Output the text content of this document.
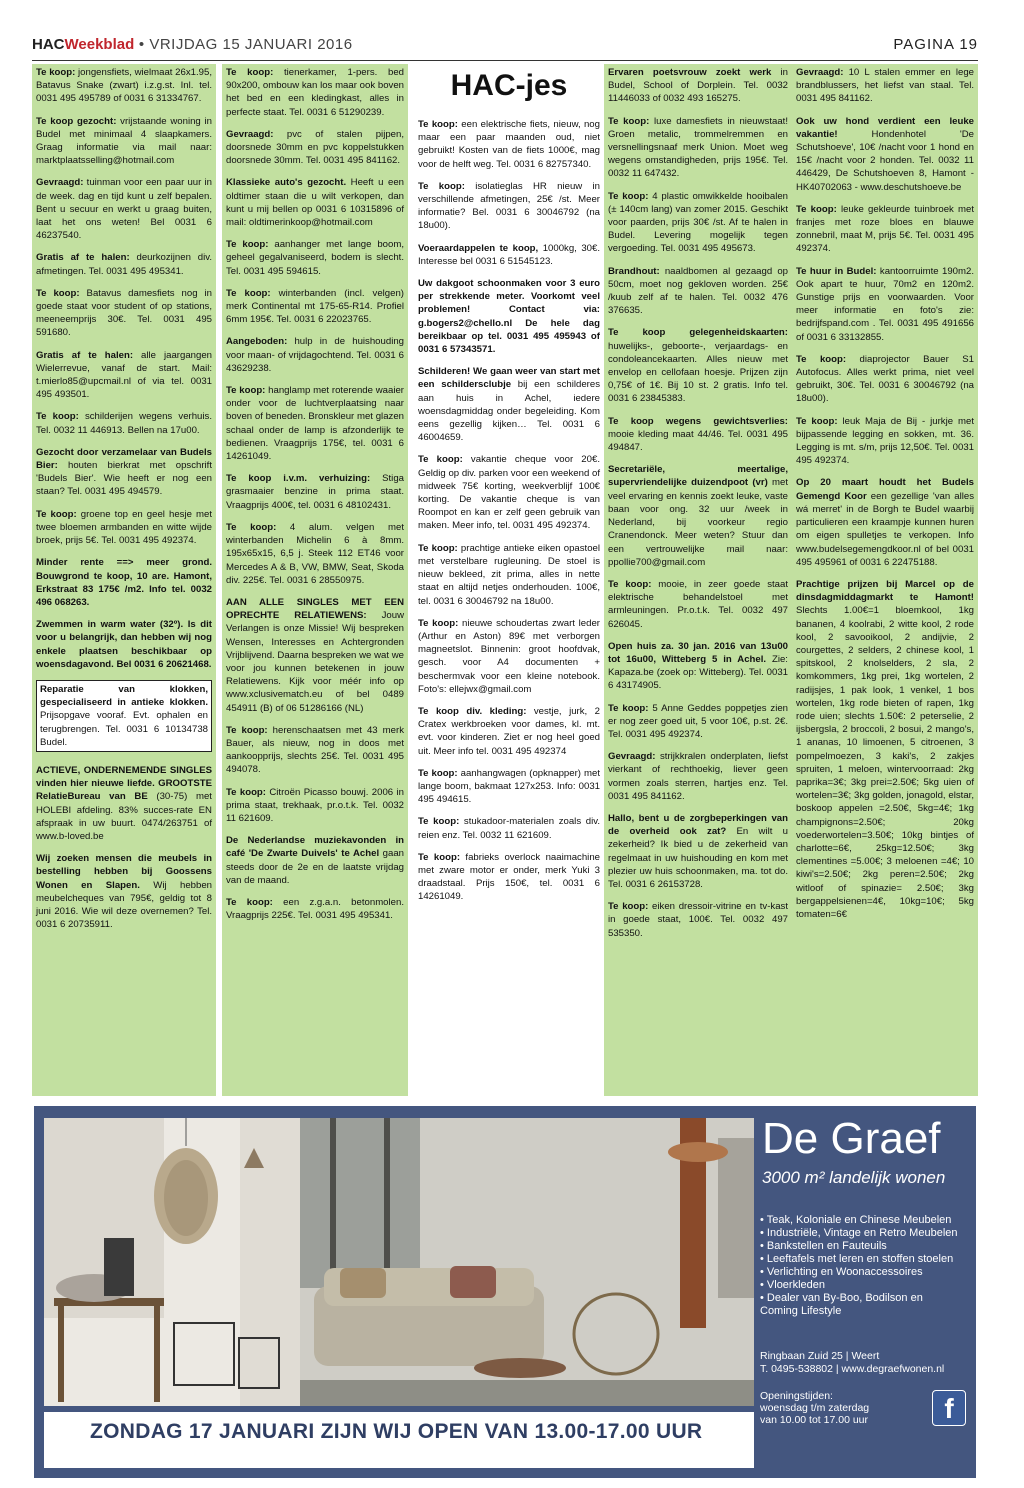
HACWeekblad • VRIJDAG 15 JANUARI 2016	PAGINA 19

Te koop: jongensfiets, wielmaat 26x1.95, Batavus Snake (zwart) i.z.g.st. Inl. tel. 0031 495 495789 of 0031 6 31334767.

Te koop gezocht: vrijstaande woning in Budel met minimaal 4 slaapkamers. Graag informatie via mail naar: marktplaatsselling@hotmail.com

Gevraagd: tuinman voor een paar uur in de week. dag en tijd kunt u zelf bepalen. Bent u secuur en werkt u graag buiten, laat het ons weten! Bel 0031 6 46237540.

Gratis af te halen: deurkozijnen div. afmetingen. Tel. 0031 495 495341.

Te koop: Batavus damesfiets nog in goede staat voor student of op stations, meeneemprijs 30€. Tel. 0031 495 591680.

Gratis af te halen: alle jaargangen Wielerrevue, vanaf de start. Mail: t.mierlo85@upcmail.nl of via tel. 0031 495 493501.

Te koop: schilderijen wegens verhuis. Tel. 0032 11 446913. Bellen na 17u00.

Gezocht door verzamelaar van Budels Bier: houten bierkrat met opschrift 'Budels Bier'. Wie heeft er nog een staan? Tel. 0031 495 494579.

Te koop: groene top en geel hesje met twee bloemen armbanden en witte wijde broek, prijs 5€. Tel. 0031 495 492374.

Minder rente ==> meer grond. Bouwgrond te koop, 10 are. Hamont, Erkstraat 83 175€ /m2. Info tel. 0032 496 068263.

Zwemmen in warm water (32º). Is dit voor u belangrijk, dan hebben wij nog enkele plaatsen beschikbaar op woensdagavond. Bel 0031 6 20621468.

Reparatie van klokken, gespecialiseerd in antieke klokken. Prijsopgave vooraf. Evt. ophalen en terugbrengen. Tel. 0031 6 10134738 Budel.

ACTIEVE, ONDERNEMENDE SINGLES vinden hier nieuwe liefde. GROOTSTE RelatieBureau van BE (30-75) met HOLEBI afdeling. 83% succes-rate EN afspraak in uw buurt. 0474/263751 of www.b-loved.be

Wij zoeken mensen die meubels in bestelling hebben bij Goossens Wonen en Slapen. Wij hebben meubelcheques van 795€, geldig tot 8 juni 2016. Wie wil deze overnemen? Tel. 0031 6 20735911.

Te koop: tienerkamer, 1-pers. bed 90x200, ombouw kan los maar ook boven het bed en een kledingkast, alles in perfecte staat. Tel. 0031 6 51290239.

Gevraagd: pvc of stalen pijpen, doorsnede 30mm en pvc koppelstukken doorsnede 30mm. Tel. 0031 495 841162.

Klassieke auto's gezocht. Heeft u een oldtimer staan die u wilt verkopen, dan kunt u mij bellen op 0031 6 10315896 of mail: oldtimerinkoop@hotmail.com

Te koop: aanhanger met lange boom, geheel gegalvaniseerd, bodem is slecht. Tel. 0031 495 594615.

Te koop: winterbanden (incl. velgen) merk Continental mt 175-65-R14. Profiel 6mm 195€. Tel. 0031 6 22023765.

Aangeboden: hulp in de huishouding voor maan- of vrijdagochtend. Tel. 0031 6 43629238.

Te koop: hanglamp met roterende waaier onder voor de luchtverplaatsing naar boven of beneden. Bronskleur met glazen schaal onder de lamp is afzonderlijk te bedienen. Vraagprijs 175€, tel. 0031 6 14261049.

Te koop i.v.m. verhuizing: Stiga grasmaaier benzine in prima staat. Vraagprijs 400€, tel. 0031 6 48102431.

Te koop: 4 alum. velgen met winterbanden Michelin 6 à 8mm. 195x65x15, 6,5 j. Steek 112 ET46 voor Mercedes A & B, VW, BMW, Seat, Skoda div. 225€. Tel. 0031 6 28550975.

AAN ALLE SINGLES MET EEN OPRECHTE RELATIEWENS: Jouw Verlangen is onze Missie! Wij bespreken Wensen, Interesses en Achtergronden Vrijblijvend. Daarna bespreken we wat we voor jou kunnen betekenen in jouw Relatiewens. Kijk voor méér info op www.xclusivematch.eu of bel 0489 454911 (B) of 06 51286166 (NL)

Te koop: herenschaatsen met 43 merk Bauer, als nieuw, nog in doos met aankoopprijs, slechts 25€. Tel. 0031 495 494078.

Te koop: Citroën Picasso bouwj. 2006 in prima staat, trekhaak, pr.o.t.k. Tel. 0032 11 621609.

De Nederlandse muziekavonden in café 'De Zwarte Duivels' te Achel gaan steeds door de 2e en de laatste vrijdag van de maand.

Te koop: een z.g.a.n. betonmolen. Vraagprijs 225€. Tel. 0031 495 495341.

HAC-jes

Te koop: een elektrische fiets, nieuw, nog maar een paar maanden oud, niet gebruikt! Kosten van de fiets 1000€, mag voor de helft weg. Tel. 0031 6 82757340.

Te koop: isolatieglas HR nieuw in verschillende afmetingen, 25€ /st. Meer informatie? Bel. 0031 6 30046792 (na 18u00).

Voeraardappelen te koop, 1000kg, 30€. Interesse bel 0031 6 51545123.

Uw dakgoot schoonmaken voor 3 euro per strekkende meter. Voorkomt veel problemen! Contact via: g.bogers2@chello.nl De hele dag bereikbaar op tel. 0031 495 495943 of 0031 6 57343571.

Schilderen! We gaan weer van start met een schildersclubje bij een schilderes aan huis in Achel, iedere woensdagmiddag onder begeleiding. Kom eens gezellig kijken… Tel. 0031 6 46004659.

Te koop: vakantie cheque voor 20€. Geldig op div. parken voor een weekend of midweek 75€ korting, weekverblijf 100€ korting. De vakantie cheque is van Roompot en kan er zelf geen gebruik van maken. Meer info, tel. 0031 495 492374.

Te koop: prachtige antieke eiken opastoel met verstelbare rugleuning. De stoel is nieuw bekleed, zit prima, alles in nette staat en altijd netjes onderhouden. 100€, tel. 0031 6 30046792 na 18u00.

Te koop: nieuwe schoudertas zwart leder (Arthur en Aston) 89€ met verborgen magneetslot. Binnenin: groot hoofdvak, gesch. voor A4 documenten + beschermvak voor een kleine notebook. Foto's: ellejwx@gmail.com

Te koop div. kleding: vestje, jurk, 2 Cratex werkbroeken voor dames, kl. mt. evt. voor kinderen. Ziet er nog heel goed uit. Meer info tel. 0031 495 492374

Te koop: aanhangwagen (opknapper) met lange boom, bakmaat 127x253. Info: 0031 495 494615.

Te koop: stukadoor-materialen zoals div. reien enz. Tel. 0032 11 621609.

Te koop: fabrieks overlock naaimachine met zware motor er onder, merk Yuki 3 draadstaal. Prijs 150€, tel. 0031 6 14261049.

Ervaren poetsvrouw zoekt werk in Budel, School of Dorplein. Tel. 0032 11446033 of 0032 493 165275.

Te koop: luxe damesfiets in nieuwstaat! Groen metalic, trommelremmen en versnellingsnaaf merk Union. Moet weg wegens omstandigheden, prijs 195€. Tel. 0032 11 647432.

Te koop: 4 plastic omwikkelde hooibalen (± 140cm lang) van zomer 2015. Geschikt voor paarden, prijs 30€ /st. Af te halen in Budel. Levering mogelijk tegen vergoeding. Tel. 0031 495 495673.

Brandhout: naaldbomen al gezaagd op 50cm, moet nog gekloven worden. 25€ /kuub zelf af te halen. Tel. 0032 476 376635.

Te koop gelegenheidskaarten: huwelijks-, geboorte-, verjaardags- en condoleancekaarten. Alles nieuw met envelop en cellofaan hoesje. Prijzen zijn 0,75€ of 1€. Bij 10 st. 2 gratis. Info tel. 0031 6 23845383.

Te koop wegens gewichtsverlies: mooie kleding maat 44/46. Tel. 0031 495 494847.

Secretariële, meertalige, supervriendelijke duizendpoot (vr) met veel ervaring en kennis zoekt leuke, vaste baan voor ong. 32 uur /week in Nederland, bij voorkeur regio Cranendonck. Meer weten? Stuur dan een vertrouwelijke mail naar: ppollie700@gmail.com

Te koop: mooie, in zeer goede staat elektrische behandelstoel met armleuningen. Pr.o.t.k. Tel. 0032 497 626045.

Open huis za. 30 jan. 2016 van 13u00 tot 16u00, Witteberg 5 in Achel. Zie: Kapaza.be (zoek op: Witteberg). Tel. 0031 6 43174905.

Te koop: 5 Anne Geddes poppetjes zien er nog zeer goed uit, 5 voor 10€, p.st. 2€. Tel. 0031 495 492374.

Gevraagd: strijkkralen onderplaten, liefst vierkant of rechthoekig, liever geen vormen zoals sterren, hartjes enz. Tel. 0031 495 841162.

Hallo, bent u de zorgbeperkingen van de overheid ook zat? En wilt u zekerheid? Ik bied u de zekerheid van regelmaat in uw huishouding en kom met plezier uw huis schoonmaken, ma. tot do. Tel. 0031 6 26153728.

Te koop: eiken dressoir-vitrine en tv-kast in goede staat, 100€. Tel. 0032 497 535350.

Gevraagd: 10 L stalen emmer en lege brandblussers, het liefst van staal. Tel. 0031 495 841162.

Ook uw hond verdient een leuke vakantie! Hondenhotel 'De Schutshoeve', 10€ /nacht voor 1 hond en 15€ /nacht voor 2 honden. Tel. 0032 11 446429, De Schutshoeven 8, Hamont - HK40702063 - www.deschutshoeve.be

Te koop: leuke gekleurde tuinbroek met franjes met roze bloes en blauwe zonnebril, maat M, prijs 5€. Tel. 0031 495 492374.

Te huur in Budel: kantoorruimte 190m2. Ook apart te huur, 70m2 en 120m2. Gunstige prijs en voorwaarden. Voor meer informatie en foto's zie: bedrijfspand.com . Tel. 0031 495 491656 of 0031 6 33132855.

Te koop: diaprojector Bauer S1 Autofocus. Alles werkt prima, niet veel gebruikt, 30€. Tel. 0031 6 30046792 (na 18u00).

Te koop: leuk Maja de Bij - jurkje met bijpassende legging en sokken, mt. 36. Legging is mt. s/m, prijs 12,50€. Tel. 0031 495 492374.

Op 20 maart houdt het Budels Gemengd Koor een gezellige 'van alles wá merret' in de Borgh te Budel waarbij particulieren een kraampje kunnen huren om eigen spulletjes te verkopen. Info www.budelsegemengdkoor.nl of bel 0031 495 495961 of 0031 6 22475188.

Prachtige prijzen bij Marcel op de dinsdagmiddagmarkt te Hamont! Slechts 1.00€=1 bloemkool, 1kg bananen, 4 koolrabi, 2 witte kool, 2 rode kool, 2 savooikool, 2 andijvie, 2 courgettes, 2 selders, 2 chinese kool, 1 spitskool, 2 knolselders, 2 sla, 2 komkommers, 1kg prei, 1kg wortelen, 2 radijsjes, 1 pak look, 1 venkel, 1 bos wortelen, 1kg rode bieten of rapen, 1kg rode uien; slechts 1.50€: 2 peterselie, 2 ijsbergsla, 2 broccoli, 2 bosui, 2 mango's, 1 ananas, 10 limoenen, 5 citroenen, 3 pompelmoezen, 3 kaki's, 2 zakjes spruiten, 1 meloen, wintervoorraad: 2kg paprika=3€; 3kg prei=2.50€; 5kg uien of wortelen=3€; 3kg golden, jonagold, elstar, boskoop appelen =2.50€, 5kg=4€; 1kg champignons=2.50€; 20kg voederwortelen=3.50€; 10kg bintjes of charlotte=6€, 25kg=12.50€; 3kg clementines =5.00€; 3 meloenen =4€; 10 kiwi's=2.50€; 2kg peren=2.50€; 2kg witloof of spinazie= 2.50€; 3kg bergappelsienen=4€, 10kg=10€; 5kg tomaten=6€

ZONDAG 17 JANUARI ZIJN WIJ OPEN VAN 13.00-17.00 UUR
De Graef
3000 m² landelijk wonen
• Teak, Koloniale en Chinese Meubelen
• Industriële, Vintage en Retro Meubelen
• Bankstellen en Fauteuils
• Leeftafels met leren en stoffen stoelen
• Verlichting en Woonaccessoires
• Vloerkleden
• Dealer van By-Boo, Bodilson en
Coming Lifestyle
Ringbaan Zuid 25 | Weert
T. 0495-538802 | www.degraefwonen.nl
Openingstijden:
woensdag t/m zaterdag
van 10.00 tot 17.00 uur	f
